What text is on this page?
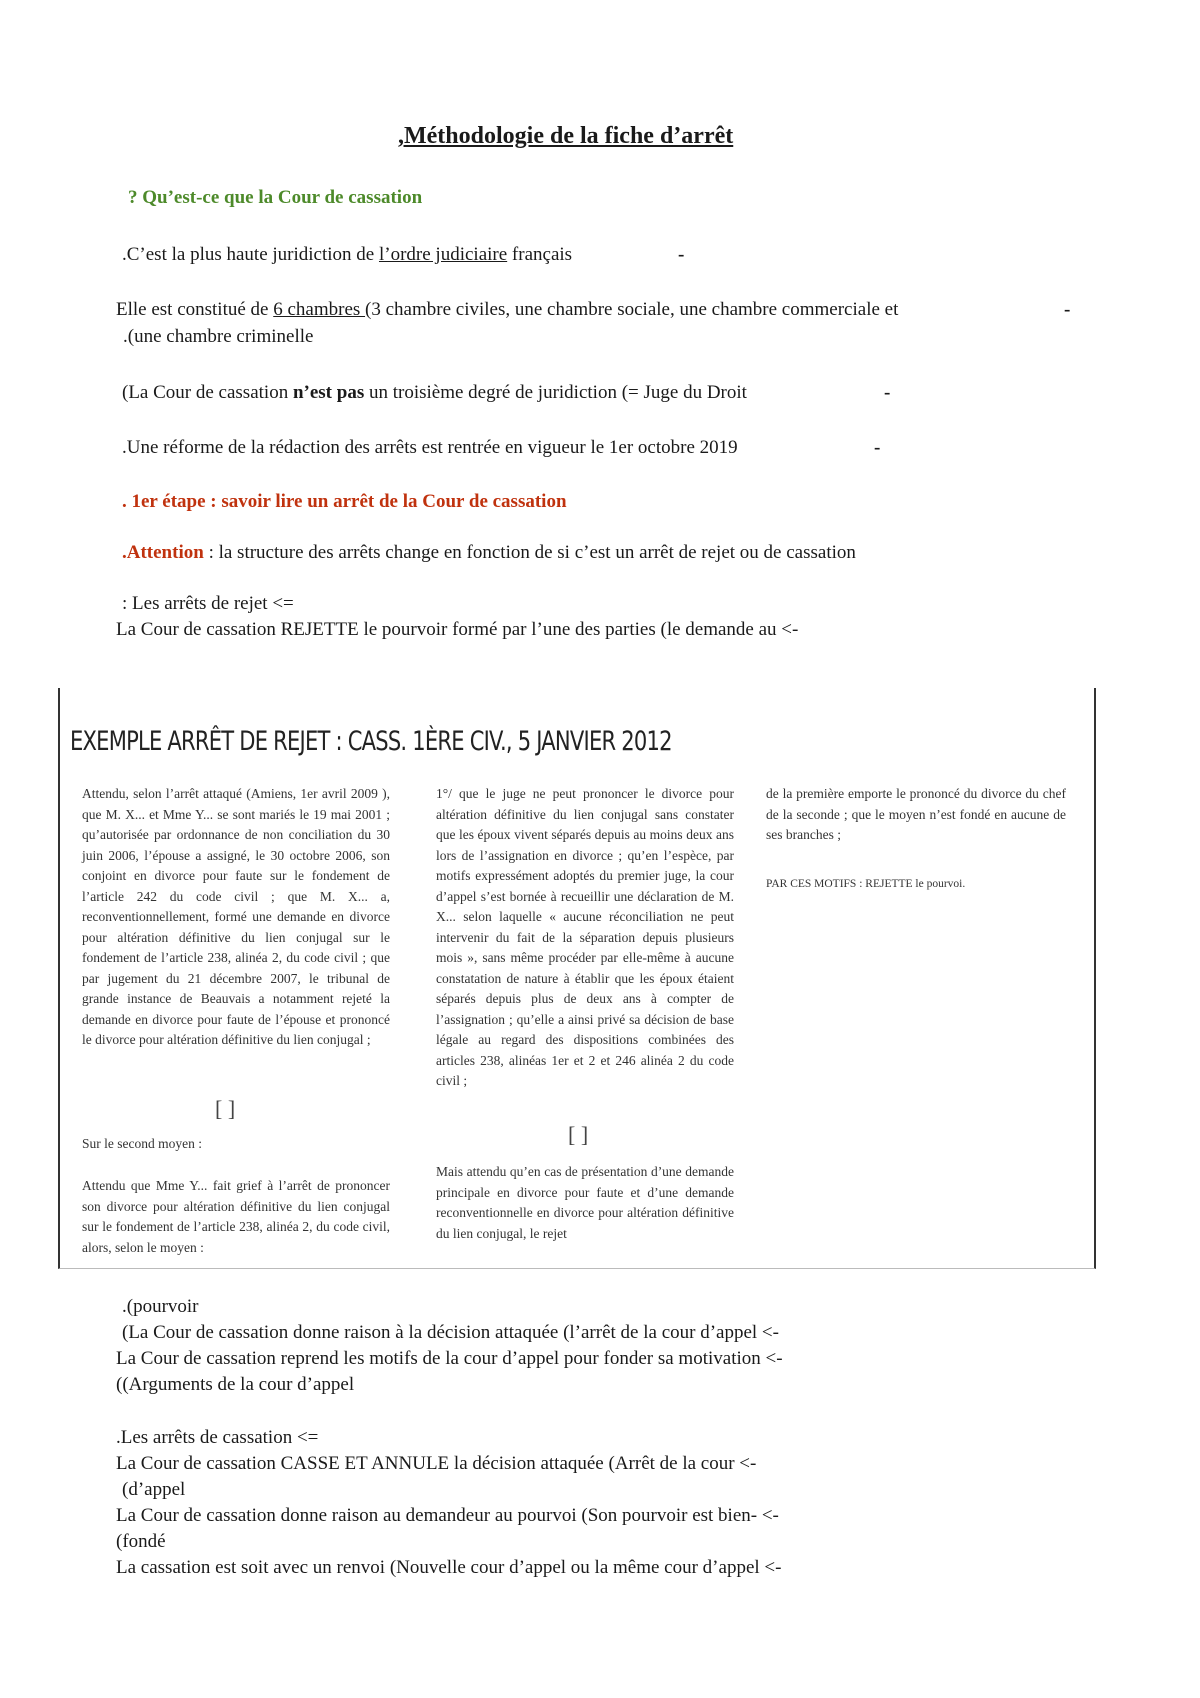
,Méthodologie de la fiche d’arrêt
? Qu’est-ce que la Cour de cassation
.C’est la plus haute juridiction de l’ordre judiciaire français	-
Elle est constitué de 6 chambres (3 chambre civiles, une chambre sociale, une chambre commerciale et	-
.(une chambre criminelle
(La Cour de cassation n’est pas un troisième degré de juridiction (= Juge du Droit	-
.Une réforme de la rédaction des arrêts est rentrée en vigueur le 1er octobre 2019	-
. 1er étape : savoir lire un arrêt de la Cour de cassation
.Attention : la structure des arrêts change en fonction de si c’est un arrêt de rejet ou de cassation
: Les arrêts de rejet <=
La Cour de cassation REJETTE le pourvoir formé par l’une des parties (le demande au <-
EXEMPLE ARRÊT DE REJET : CASS. 1ÈRE CIV., 5 JANVIER 2012

Attendu, selon l’arrêt attaqué (Amiens, 1er avril 2009 ), que M. X... et Mme Y... se sont mariés le 19 mai 2001 ; qu’autorisée par ordonnance de non conciliation du 30 juin 2006, l’épouse a assigné, le 30 octobre 2006, son conjoint en divorce pour faute sur le fondement de l’article 242 du code civil ; que M. X... a, reconventionnellement, formé une demande en divorce pour altération définitive du lien conjugal sur le fondement de l’article 238, alinéa 2, du code civil ; que par jugement du 21 décembre 2007, le tribunal de grande instance de Beauvais a notamment rejeté la demande en divorce pour faute de l’épouse et prononcé le divorce pour altération définitive du lien conjugal ;

[ ]

Sur le second moyen :

Attendu que Mme Y... fait grief à l’arrêt de prononcer son divorce pour altération définitive du lien conjugal sur le fondement de l’article 238, alinéa 2, du code civil, alors, selon le moyen :

1°/ que le juge ne peut prononcer le divorce pour altération définitive du lien conjugal sans constater que les époux vivent séparés depuis au moins deux ans lors de l’assignation en divorce ; qu’en l’espèce, par motifs expressément adoptés du premier juge, la cour d’appel s’est bornée à recueillir une déclaration de M. X... selon laquelle « aucune réconciliation ne peut intervenir du fait de la séparation depuis plusieurs mois », sans même procéder par elle-même à aucune constatation de nature à établir que les époux étaient séparés depuis plus de deux ans à compter de l’assignation ; qu’elle a ainsi privé sa décision de base légale au regard des dispositions combinées des articles 238, alinéas 1er et 2 et 246 alinéa 2 du code civil ;

[ ]

Mais attendu qu’en cas de présentation d’une demande principale en divorce pour faute et d’une demande reconventionnelle en divorce pour altération définitive du lien conjugal, le rejet

de la première emporte le prononcé du divorce du chef de la seconde ; que le moyen n’est fondé en aucune de ses branches ;

PAR CES MOTIFS : REJETTE le pourvoi.

.(pourvoir
(La Cour de cassation donne raison à la décision attaquée (l’arrêt de la cour d’appel <-
La Cour de cassation reprend les motifs de la cour d’appel pour fonder sa motivation <-
((Arguments de la cour d’appel
.Les arrêts de cassation <=
La Cour de cassation CASSE ET ANNULE la décision attaquée (Arrêt de la cour <-
(d’appel
La Cour de cassation donne raison au demandeur au pourvoi (Son pourvoir est bien- <-
(fondé
La cassation est soit avec un renvoi (Nouvelle cour d’appel ou la même cour d’appel <-
